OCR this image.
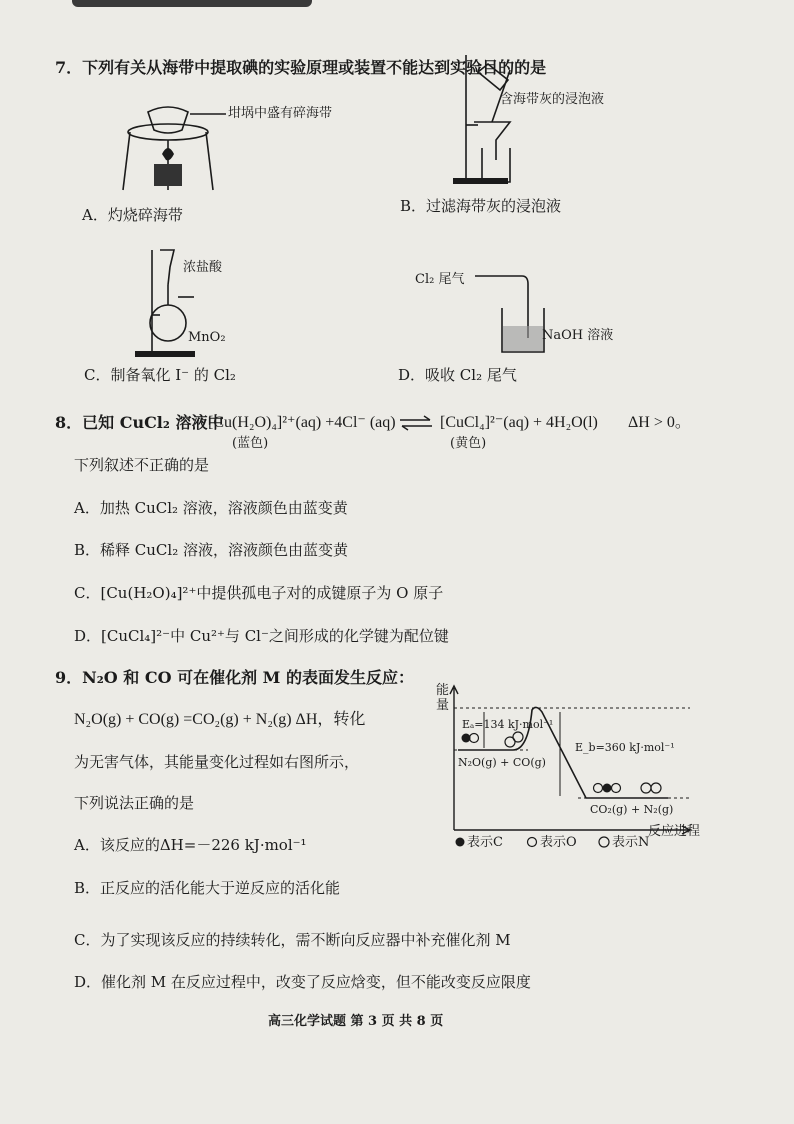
7．下列有关从海带中提取碘的实验原理或装置不能达到实验目的的是
坩埚中盛有碎海带
A．灼烧碎海带
含海带灰的浸泡液
B．过滤海带灰的浸泡液
浓盐酸
MnO₂
C．制备氧化 I⁻ 的 Cl₂
Cl₂ 尾气
NaOH 溶液
D．吸收 Cl₂ 尾气
8．已知 CuCl₂ 溶液中
[Cu(H₂O)₄]²⁺(aq) +4Cl⁻ (aq) ⇌ [CuCl₄]²⁻(aq) + 4H₂O(l) ΔH > 0。
(蓝色)	(黄色)
下列叙述不正确的是
A．加热 CuCl₂ 溶液，溶液颜色由蓝变黄
B．稀释 CuCl₂ 溶液，溶液颜色由蓝变黄
C．[Cu(H₂O)₄]²⁺中提供孤电子对的成键原子为 O 原子
D．[CuCl₄]²⁻中 Cu²⁺与 Cl⁻之间形成的化学键为配位键
9．N₂O 和 CO 可在催化剂 M 的表面发生反应：
N₂O(g) + CO(g) =CO₂(g) + N₂(g) ΔH，转化
为无害气体，其能量变化过程如右图所示，
下列说法正确的是
A．该反应的ΔH=－226 kJ·mol⁻¹
B．正反应的活化能大于逆反应的活化能
C．为了实现该反应的持续转化，需不断向反应器中补充催化剂 M
D．催化剂 M 在反应过程中，改变了反应焓变，但不能改变反应限度
能
量
Eₐ=134 kJ·mol⁻¹
E_b=360 kJ·mol⁻¹
N₂O(g) + CO(g)
CO₂(g) + N₂(g)
反应进程
表示C	表示O	表示N
高三化学试题 第 3 页 共 8 页
